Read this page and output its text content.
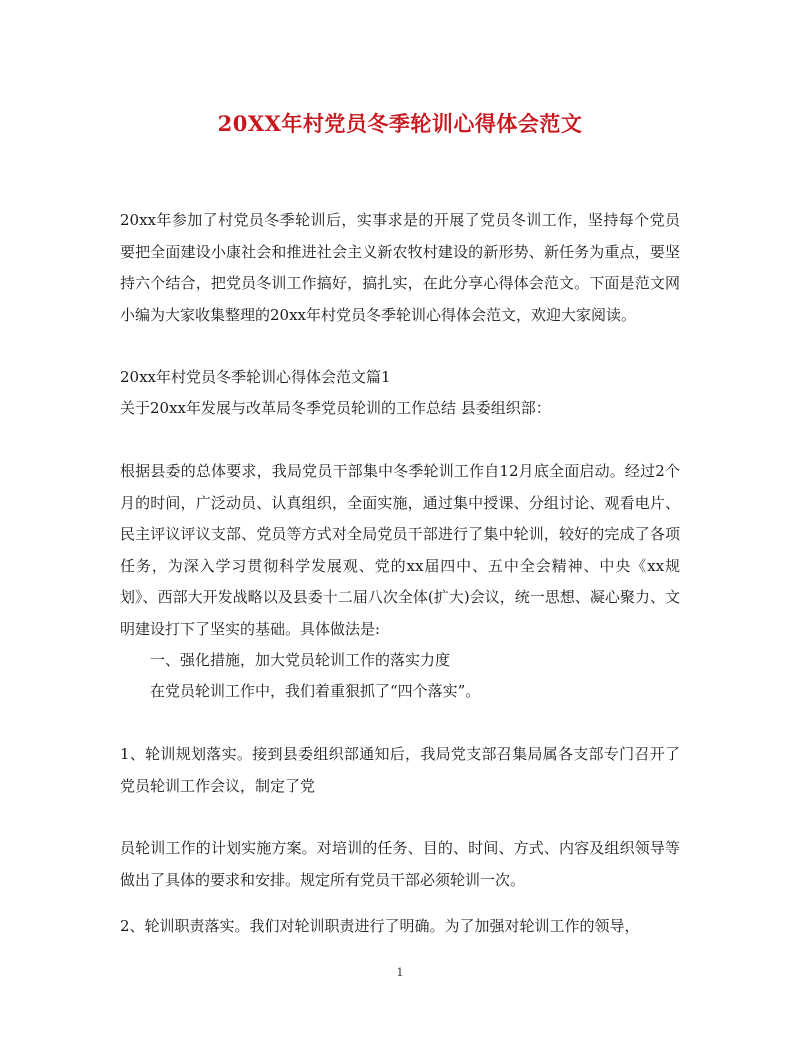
20XX年村党员冬季轮训心得体会范文
20xx年参加了村党员冬季轮训后，实事求是的开展了党员冬训工作，坚持每个党员要把全面建设小康社会和推进社会主义新农牧村建设的新形势、新任务为重点，要坚持六个结合，把党员冬训工作搞好，搞扎实，在此分享心得体会范文。下面是范文网小编为大家收集整理的20xx年村党员冬季轮训心得体会范文，欢迎大家阅读。
20xx年村党员冬季轮训心得体会范文篇1
关于20xx年发展与改革局冬季党员轮训的工作总结 县委组织部：
根据县委的总体要求，我局党员干部集中冬季轮训工作自12月底全面启动。经过2个月的时间，广泛动员、认真组织，全面实施，通过集中授课、分组讨论、观看电片、民主评议评议支部、党员等方式对全局党员干部进行了集中轮训，较好的完成了各项任务，为深入学习贯彻科学发展观、党的xx届四中、五中全会精神、中央《xx规划》、西部大开发战略以及县委十二届八次全体(扩大)会议，统一思想、凝心聚力、文明建设打下了坚实的基础。具体做法是:
一、强化措施，加大党员轮训工作的落实力度
在党员轮训工作中，我们着重狠抓了“四个落实”。
1、轮训规划落实。接到县委组织部通知后，我局党支部召集局属各支部专门召开了党员轮训工作会议，制定了党
员轮训工作的计划实施方案。对培训的任务、目的、时间、方式、内容及组织领导等做出了具体的要求和安排。规定所有党员干部必须轮训一次。
2、轮训职责落实。我们对轮训职责进行了明确。为了加强对轮训工作的领导，
1
